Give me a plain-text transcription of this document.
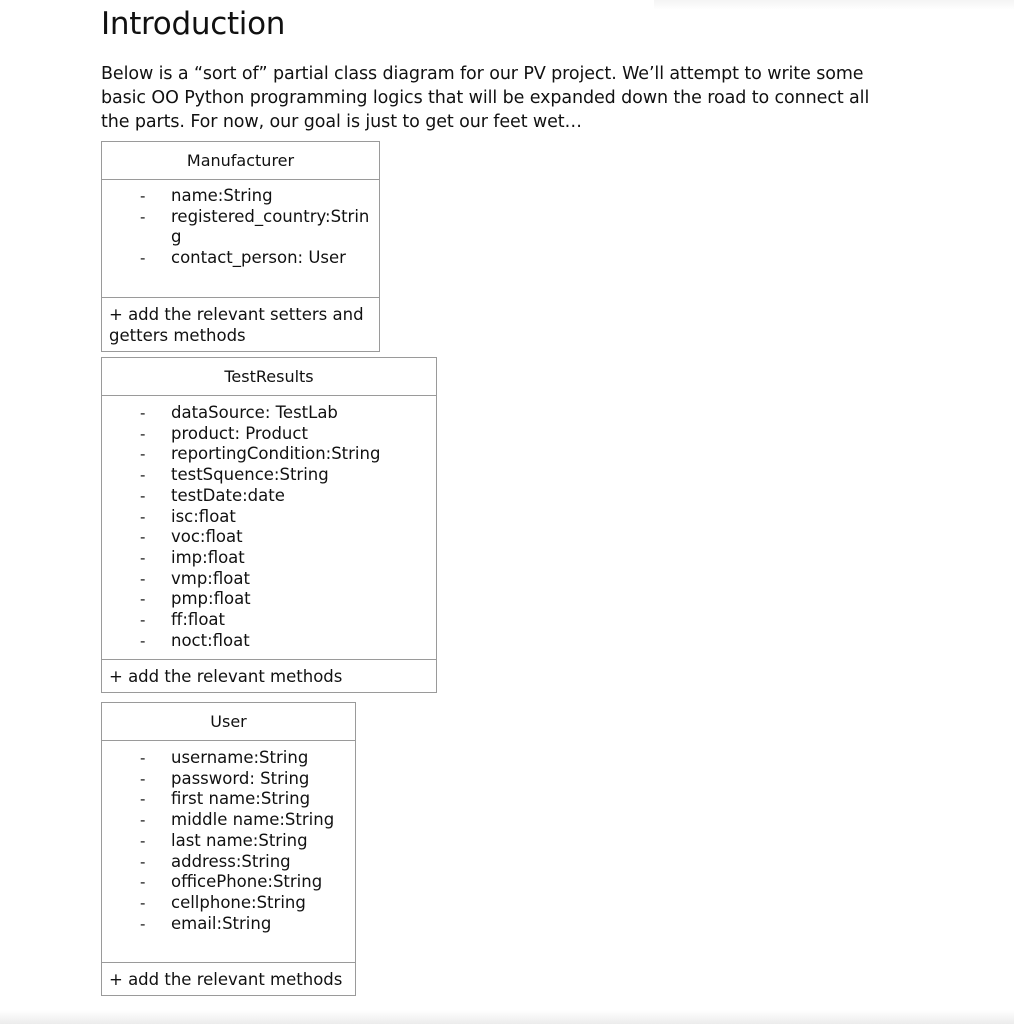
Introduction

Below is a “sort of” partial class diagram for our PV project. We’ll attempt to write some basic OO Python programming logics that will be expanded down the road to connect all the parts. For now, our goal is just to get our feet wet…

Manufacturer
- name:String
- registered_country:String
- contact_person: User
+ add the relevant setters and getters methods
TestResults
- dataSource: TestLab
- product: Product
- reportingCondition:String
- testSquence:String
- testDate:date
- isc:float
- voc:float
- imp:float
- vmp:float
- pmp:float
- ff:float
- noct:float
+ add the relevant methods
User
- username:String
- password: String
- first name:String
- middle name:String
- last name:String
- address:String
- officePhone:String
- cellphone:String
- email:String
+ add the relevant methods
